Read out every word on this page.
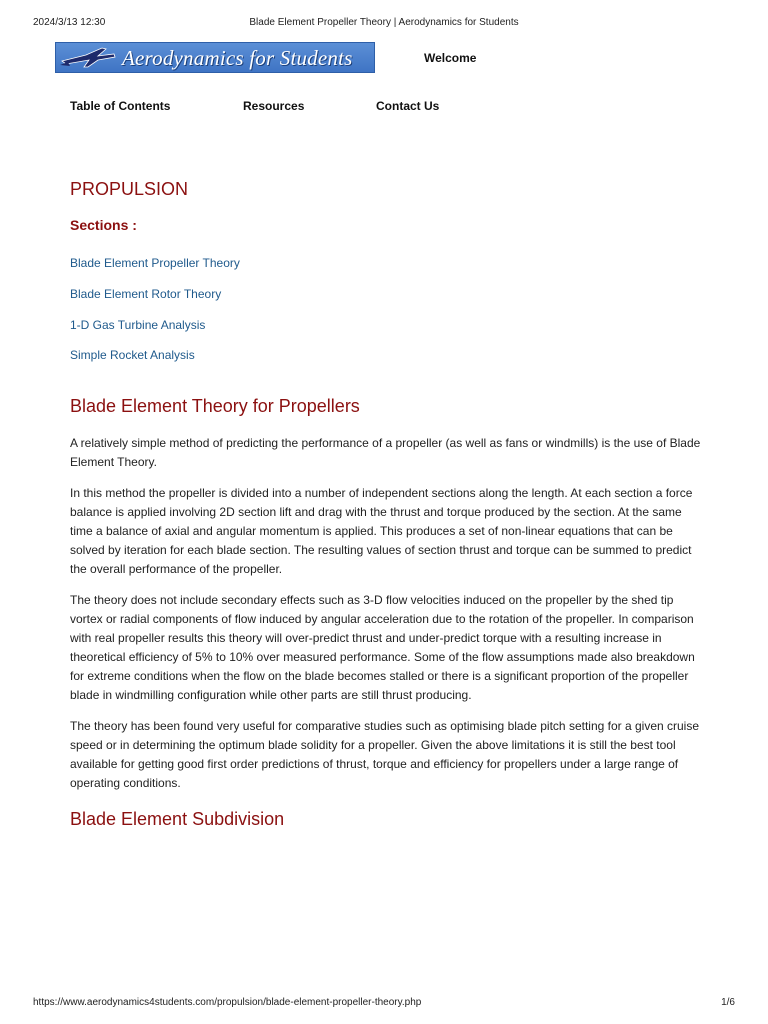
2024/3/13 12:30	Blade Element Propeller Theory | Aerodynamics for Students
Aerodynamics for Students	Welcome
Table of Contents	Resources	Contact Us
PROPULSION
Sections :
Blade Element Propeller Theory
Blade Element Rotor Theory
1-D Gas Turbine Analysis
Simple Rocket Analysis
Blade Element Theory for Propellers

A relatively simple method of predicting the performance of a propeller (as well as fans or windmills) is the use of Blade Element Theory.

In this method the propeller is divided into a number of independent sections along the length. At each section a force balance is applied involving 2D section lift and drag with the thrust and torque produced by the section. At the same time a balance of axial and angular momentum is applied. This produces a set of non-linear equations that can be solved by iteration for each blade section. The resulting values of section thrust and torque can be summed to predict the overall performance of the propeller.

The theory does not include secondary effects such as 3-D flow velocities induced on the propeller by the shed tip vortex or radial components of flow induced by angular acceleration due to the rotation of the propeller. In comparison with real propeller results this theory will over-predict thrust and under-predict torque with a resulting increase in theoretical efficiency of 5% to 10% over measured performance. Some of the flow assumptions made also breakdown for extreme conditions when the flow on the blade becomes stalled or there is a significant proportion of the propeller blade in windmilling configuration while other parts are still thrust producing.

The theory has been found very useful for comparative studies such as optimising blade pitch setting for a given cruise speed or in determining the optimum blade solidity for a propeller. Given the above limitations it is still the best tool available for getting good first order predictions of thrust, torque and efficiency for propellers under a large range of operating conditions.

Blade Element Subdivision
https://www.aerodynamics4students.com/propulsion/blade-element-propeller-theory.php	1/6
